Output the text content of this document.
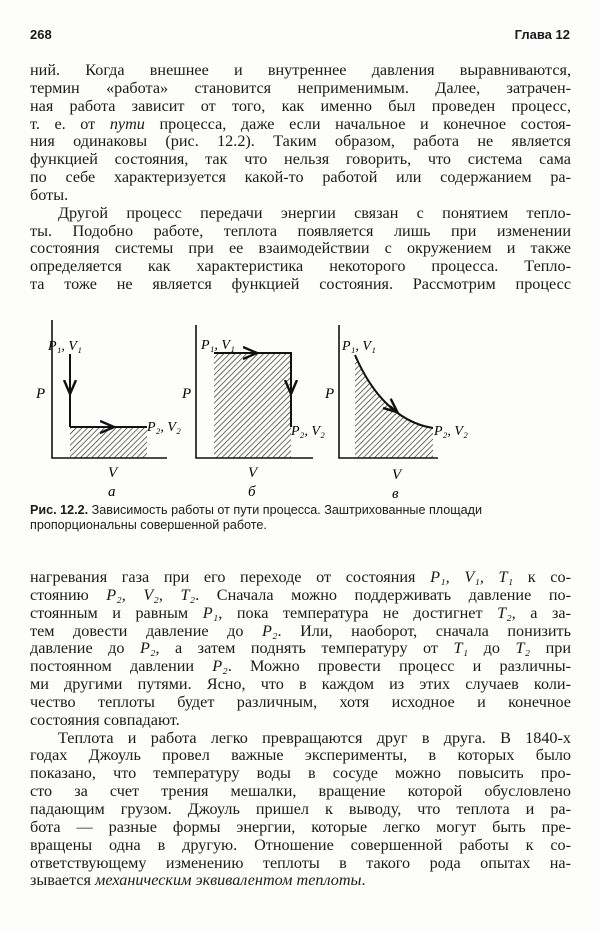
268	Глава 12
ний. Когда внешнее и внутреннее давления выравниваются,
термин «работа» становится неприменимым. Далее, затрачен-
ная работа зависит от того, как именно был проведен процесс,
т. е. от пути процесса, даже если начальное и конечное состоя-
ния одинаковы (рис. 12.2). Таким образом, работа не является
функцией состояния, так что нельзя говорить, что система сама
по себе характеризуется какой-то работой или содержанием ра-
боты.
Другой процесс передачи энергии связан с понятием тепло-
ты. Подобно работе, теплота появляется лишь при изменении
состояния системы при ее взаимодействии с окружением и также
определяется как характеристика некоторого процесса. Тепло-
та тоже не является функцией состояния. Рассмотрим процесс
P₁, V₁
P₂, V₂
P
V
а
P₁, V₁
P₂, V₂
P
V
б
P₁, V₁
P₂, V₂
P
V
в
Рис. 12.2. Зависимость работы от пути процесса. Заштрихованные площади
пропорциональны совершенной работе.
нагревания газа при его переходе от состояния P₁, V₁, T₁ к со-
стоянию P₂, V₂, T₂. Сначала можно поддерживать давление по-
стоянным и равным P₁, пока температура не достигнет T₂, а за-
тем довести давление до P₂. Или, наоборот, сначала понизить
давление до P₂, а затем поднять температуру от T₁ до T₂ при
постоянном давлении P₂. Можно провести процесс и различны-
ми другими путями. Ясно, что в каждом из этих случаев коли-
чество теплоты будет различным, хотя исходное и конечное
состояния совпадают.
Теплота и работа легко превращаются друг в друга. В 1840-х
годах Джоуль провел важные эксперименты, в которых было
показано, что температуру воды в сосуде можно повысить про-
сто за счет трения мешалки, вращение которой обусловлено
падающим грузом. Джоуль пришел к выводу, что теплота и ра-
бота — разные формы энергии, которые легко могут быть пре-
вращены одна в другую. Отношение совершенной работы к со-
ответствующему изменению теплоты в такого рода опытах на-
зывается механическим эквивалентом теплоты.
